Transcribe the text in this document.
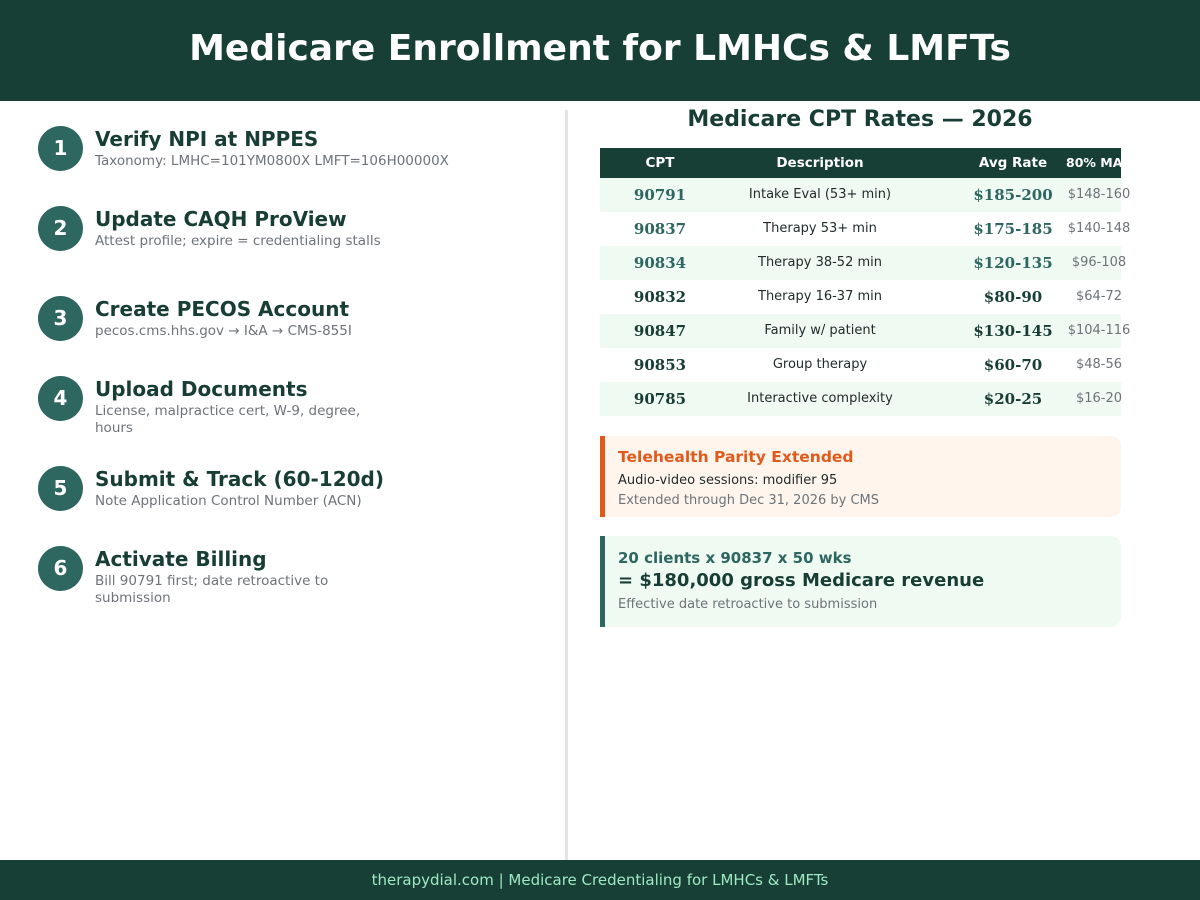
Medicare Enrollment for LMHCs & LMFTs
1	Verify NPI at NPPES
Taxonomy: LMHC=101YM0800X LMFT=106H00000X
2	Update CAQH ProView
Attest profile; expire = credentialing stalls
3	Create PECOS Account
pecos.cms.hhs.gov → I&A → CMS-855I
4	Upload Documents
License, malpractice cert, W-9, degree, hours
5	Submit & Track (60-120d)
Note Application Control Number (ACN)
6	Activate Billing
Bill 90791 first; date retroactive to submission
Medicare CPT Rates — 2026
CPT	Description	Avg Rate	80% MA
90791	Intake Eval (53+ min)	$185-200	$148-160
90837	Therapy 53+ min	$175-185	$140-148
90834	Therapy 38-52 min	$120-135	$96-108
90832	Therapy 16-37 min	$80-90	$64-72
90847	Family w/ patient	$130-145	$104-116
90853	Group therapy	$60-70	$48-56
90785	Interactive complexity	$20-25	$16-20
Telehealth Parity Extended
Audio-video sessions: modifier 95
Extended through Dec 31, 2026 by CMS
20 clients x 90837 x 50 wks
= $180,000 gross Medicare revenue
Effective date retroactive to submission
therapydial.com | Medicare Credentialing for LMHCs & LMFTs
